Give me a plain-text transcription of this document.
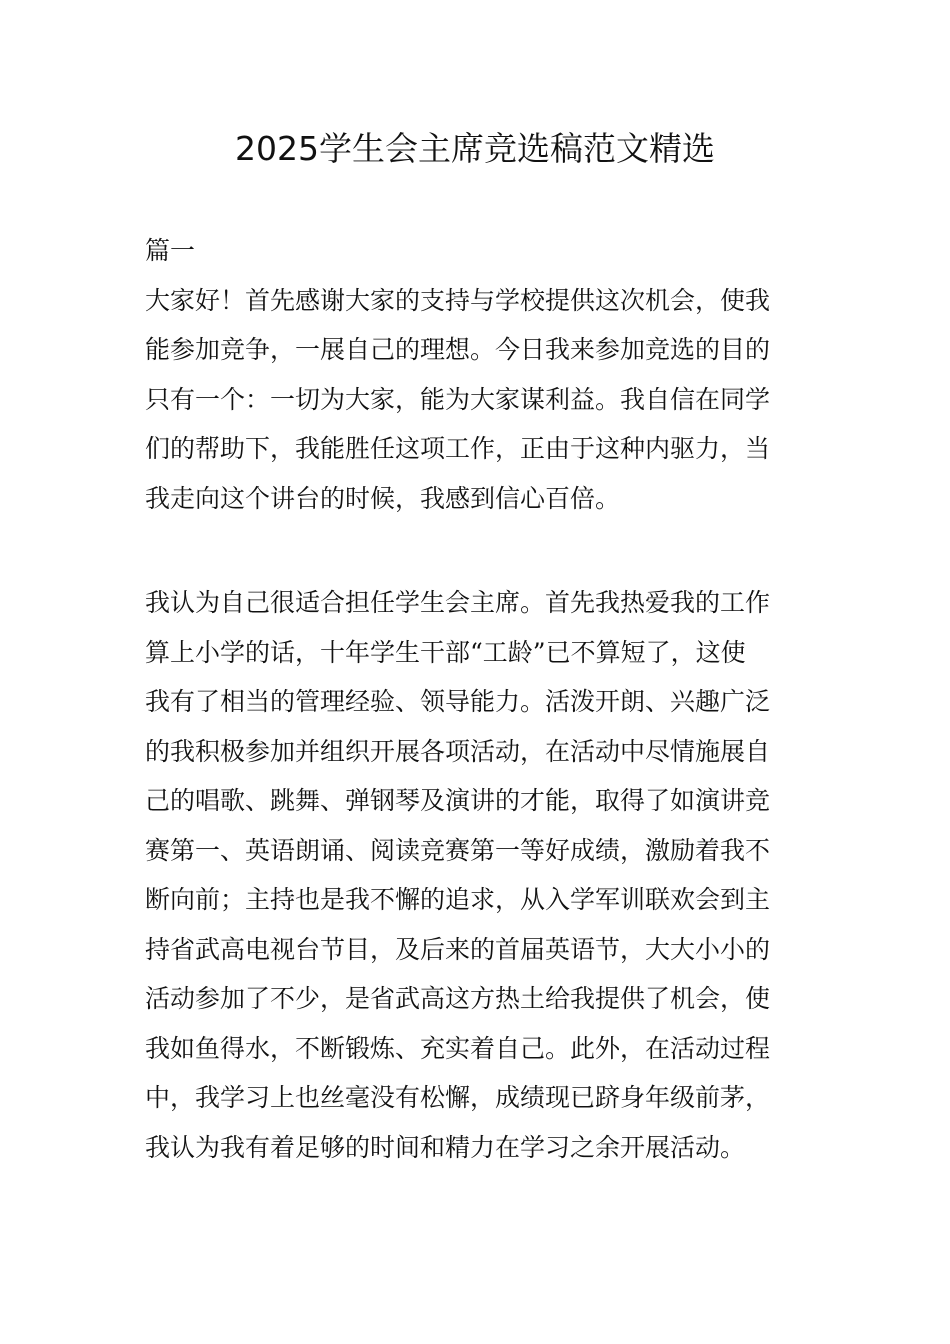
2025学生会主席竞选稿范文精选

篇一

大家好！首先感谢大家的支持与学校提供这次机会，使我
能参加竞争，一展自己的理想。今日我来参加竞选的目的
只有一个：一切为大家，能为大家谋利益。我自信在同学
们的帮助下，我能胜任这项工作，正由于这种内驱力，当
我走向这个讲台的时候，我感到信心百倍。
我认为自己很适合担任学生会主席。首先我热爱我的工作
算上小学的话，十年学生干部“工龄”已不算短了，这使
我有了相当的管理经验、领导能力。活泼开朗、兴趣广泛
的我积极参加并组织开展各项活动，在活动中尽情施展自
己的唱歌、跳舞、弹钢琴及演讲的才能，取得了如演讲竞
赛第一、英语朗诵、阅读竞赛第一等好成绩，激励着我不
断向前；主持也是我不懈的追求，从入学军训联欢会到主
持省武高电视台节目，及后来的首届英语节，大大小小的
活动参加了不少，是省武高这方热土给我提供了机会，使
我如鱼得水，不断锻炼、充实着自己。此外，在活动过程
中，我学习上也丝毫没有松懈，成绩现已跻身年级前茅，
我认为我有着足够的时间和精力在学习之余开展活动。
